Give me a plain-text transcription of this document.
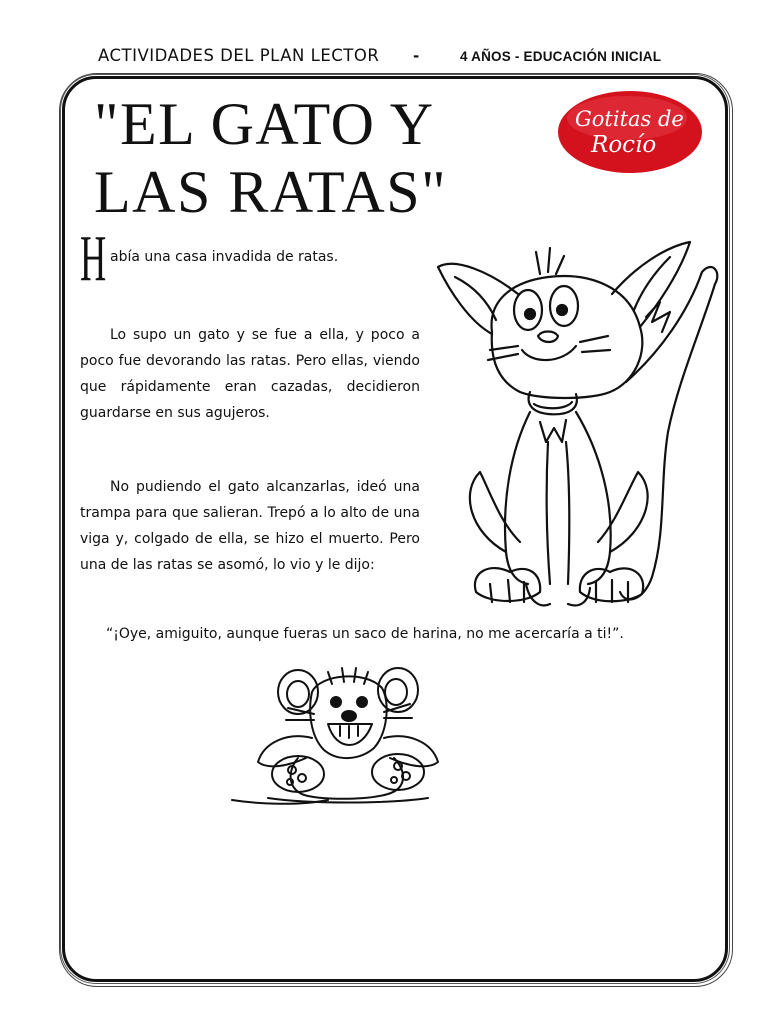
ACTIVIDADES DEL PLAN LECTOR -	4 AÑOS - EDUCACIÓN INICIAL
"EL GATO Y
LAS RATAS"
Gotitas de
Rocío
H abía una casa invadida de ratas.
Lo supo un gato y se fue a ella, y poco a poco fue devorando las ratas. Pero ellas, viendo que rápidamente eran cazadas, decidieron guardarse en sus agujeros.
No pudiendo el gato alcanzarlas, ideó una trampa para que salieran. Trepó a lo alto de una viga y, colgado de ella, se hizo el muerto. Pero una de las ratas se asomó, lo vio y le dijo:
“¡Oye, amiguito, aunque fueras un saco de harina, no me acercaría a ti!”.
